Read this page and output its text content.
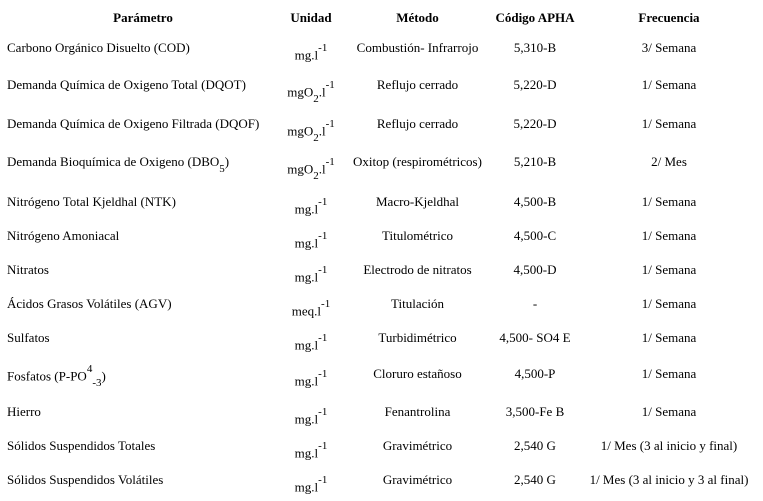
Parámetro	Unidad	Método	Código APHA	Frecuencia
Carbono Orgánico Disuelto (COD)	$mg.l^{-1}$	Combustión- Infrarrojo	5,310-B	3/ Semana
Demanda Química de Oxigeno Total (DQOT)	$mgO_2.l^{-1}$	Reflujo cerrado	5,220-D	1/ Semana
Demanda Química de Oxigeno Filtrada (DQOF)	$mgO_2.l^{-1}$	Reflujo cerrado	5,220-D	1/ Semana
Demanda Bioquímica de Oxigeno $(DBO_5)$	$mgO_2.l^{-1}$	Oxitop (respirométricos)	5,210-B	2/ Mes
Nitrógeno Total Kjeldhal (NTK)	$mg.l^{-1}$	Macro-Kjeldhal	4,500-B	1/ Semana
Nitrógeno Amoniacal	$mg.l^{-1}$	Titulométrico	4,500-C	1/ Semana
Nitratos	$mg.l^{-1}$	Electrodo de nitratos	4,500-D	1/ Semana
Ácidos Grasos Volátiles (AGV)	$meq.l^{-1}$	Titulación	-	1/ Semana
Sulfatos	$mg.l^{-1}$	Turbidimétrico	4,500- SO4 E	1/ Semana
Fosfatos $(P-PO^4_{-3})$	$mg.l^{-1}$	Cloruro estañoso	4,500-P	1/ Semana
Hierro	$mg.l^{-1}$	Fenantrolina	3,500-Fe B	1/ Semana
Sólidos Suspendidos Totales	$mg.l^{-1}$	Gravimétrico	2,540 G	1/ Mes (3 al inicio y final)
Sólidos Suspendidos Volátiles	$mg.l^{-1}$	Gravimétrico	2,540 G	1/ Mes (3 al inicio y 3 al final)
